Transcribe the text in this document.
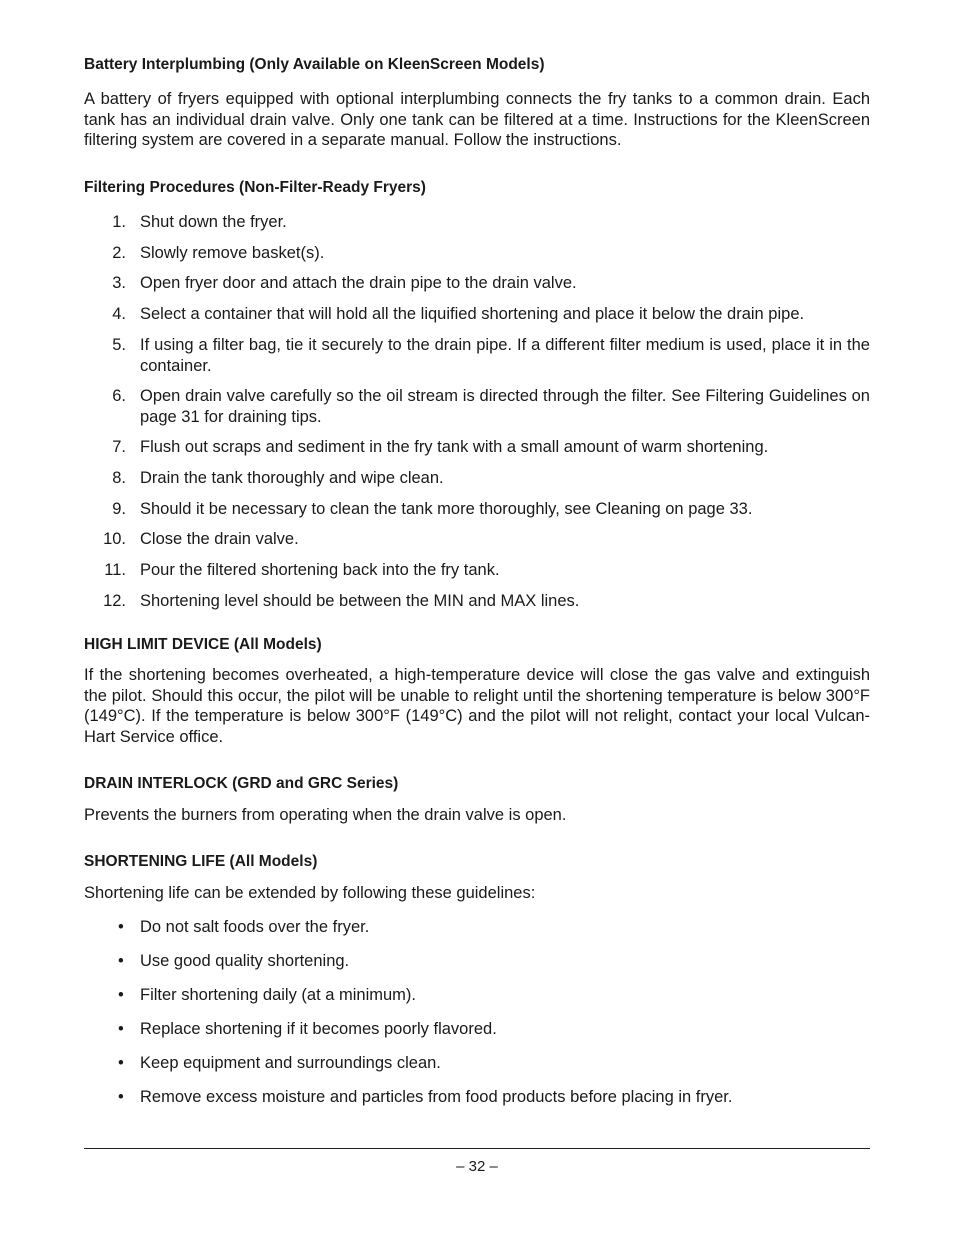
Battery Interplumbing (Only Available on KleenScreen Models)

A battery of fryers equipped with optional interplumbing connects the fry tanks to a common drain. Each tank has an individual drain valve. Only one tank can be filtered at a time. Instructions for the KleenScreen filtering system are covered in a separate manual. Follow the instructions.

Filtering Procedures (Non-Filter-Ready Fryers)
1. Shut down the fryer.
2. Slowly remove basket(s).
3. Open fryer door and attach the drain pipe to the drain valve.
4. Select a container that will hold all the liquified shortening and place it below the drain pipe.
5. If using a filter bag, tie it securely to the drain pipe. If a different filter medium is used, place it in the container.
6. Open drain valve carefully so the oil stream is directed through the filter. See Filtering Guidelines on page 31 for draining tips.
7. Flush out scraps and sediment in the fry tank with a small amount of warm shortening.
8. Drain the tank thoroughly and wipe clean.
9. Should it be necessary to clean the tank more thoroughly, see Cleaning on page 33.
10. Close the drain valve.
11. Pour the filtered shortening back into the fry tank.
12. Shortening level should be between the MIN and MAX lines.
HIGH LIMIT DEVICE (All Models)

If the shortening becomes overheated, a high-temperature device will close the gas valve and extinguish the pilot. Should this occur, the pilot will be unable to relight until the shortening temperature is below 300°F (149°C). If the temperature is below 300°F (149°C) and the pilot will not relight, contact your local Vulcan-Hart Service office.

DRAIN INTERLOCK (GRD and GRC Series)

Prevents the burners from operating when the drain valve is open.

SHORTENING LIFE (All Models)

Shortening life can be extended by following these guidelines:

• Do not salt foods over the fryer.
• Use good quality shortening.
• Filter shortening daily (at a minimum).
• Replace shortening if it becomes poorly flavored.
• Keep equipment and surroundings clean.
• Remove excess moisture and particles from food products before placing in fryer.
– 32 –
